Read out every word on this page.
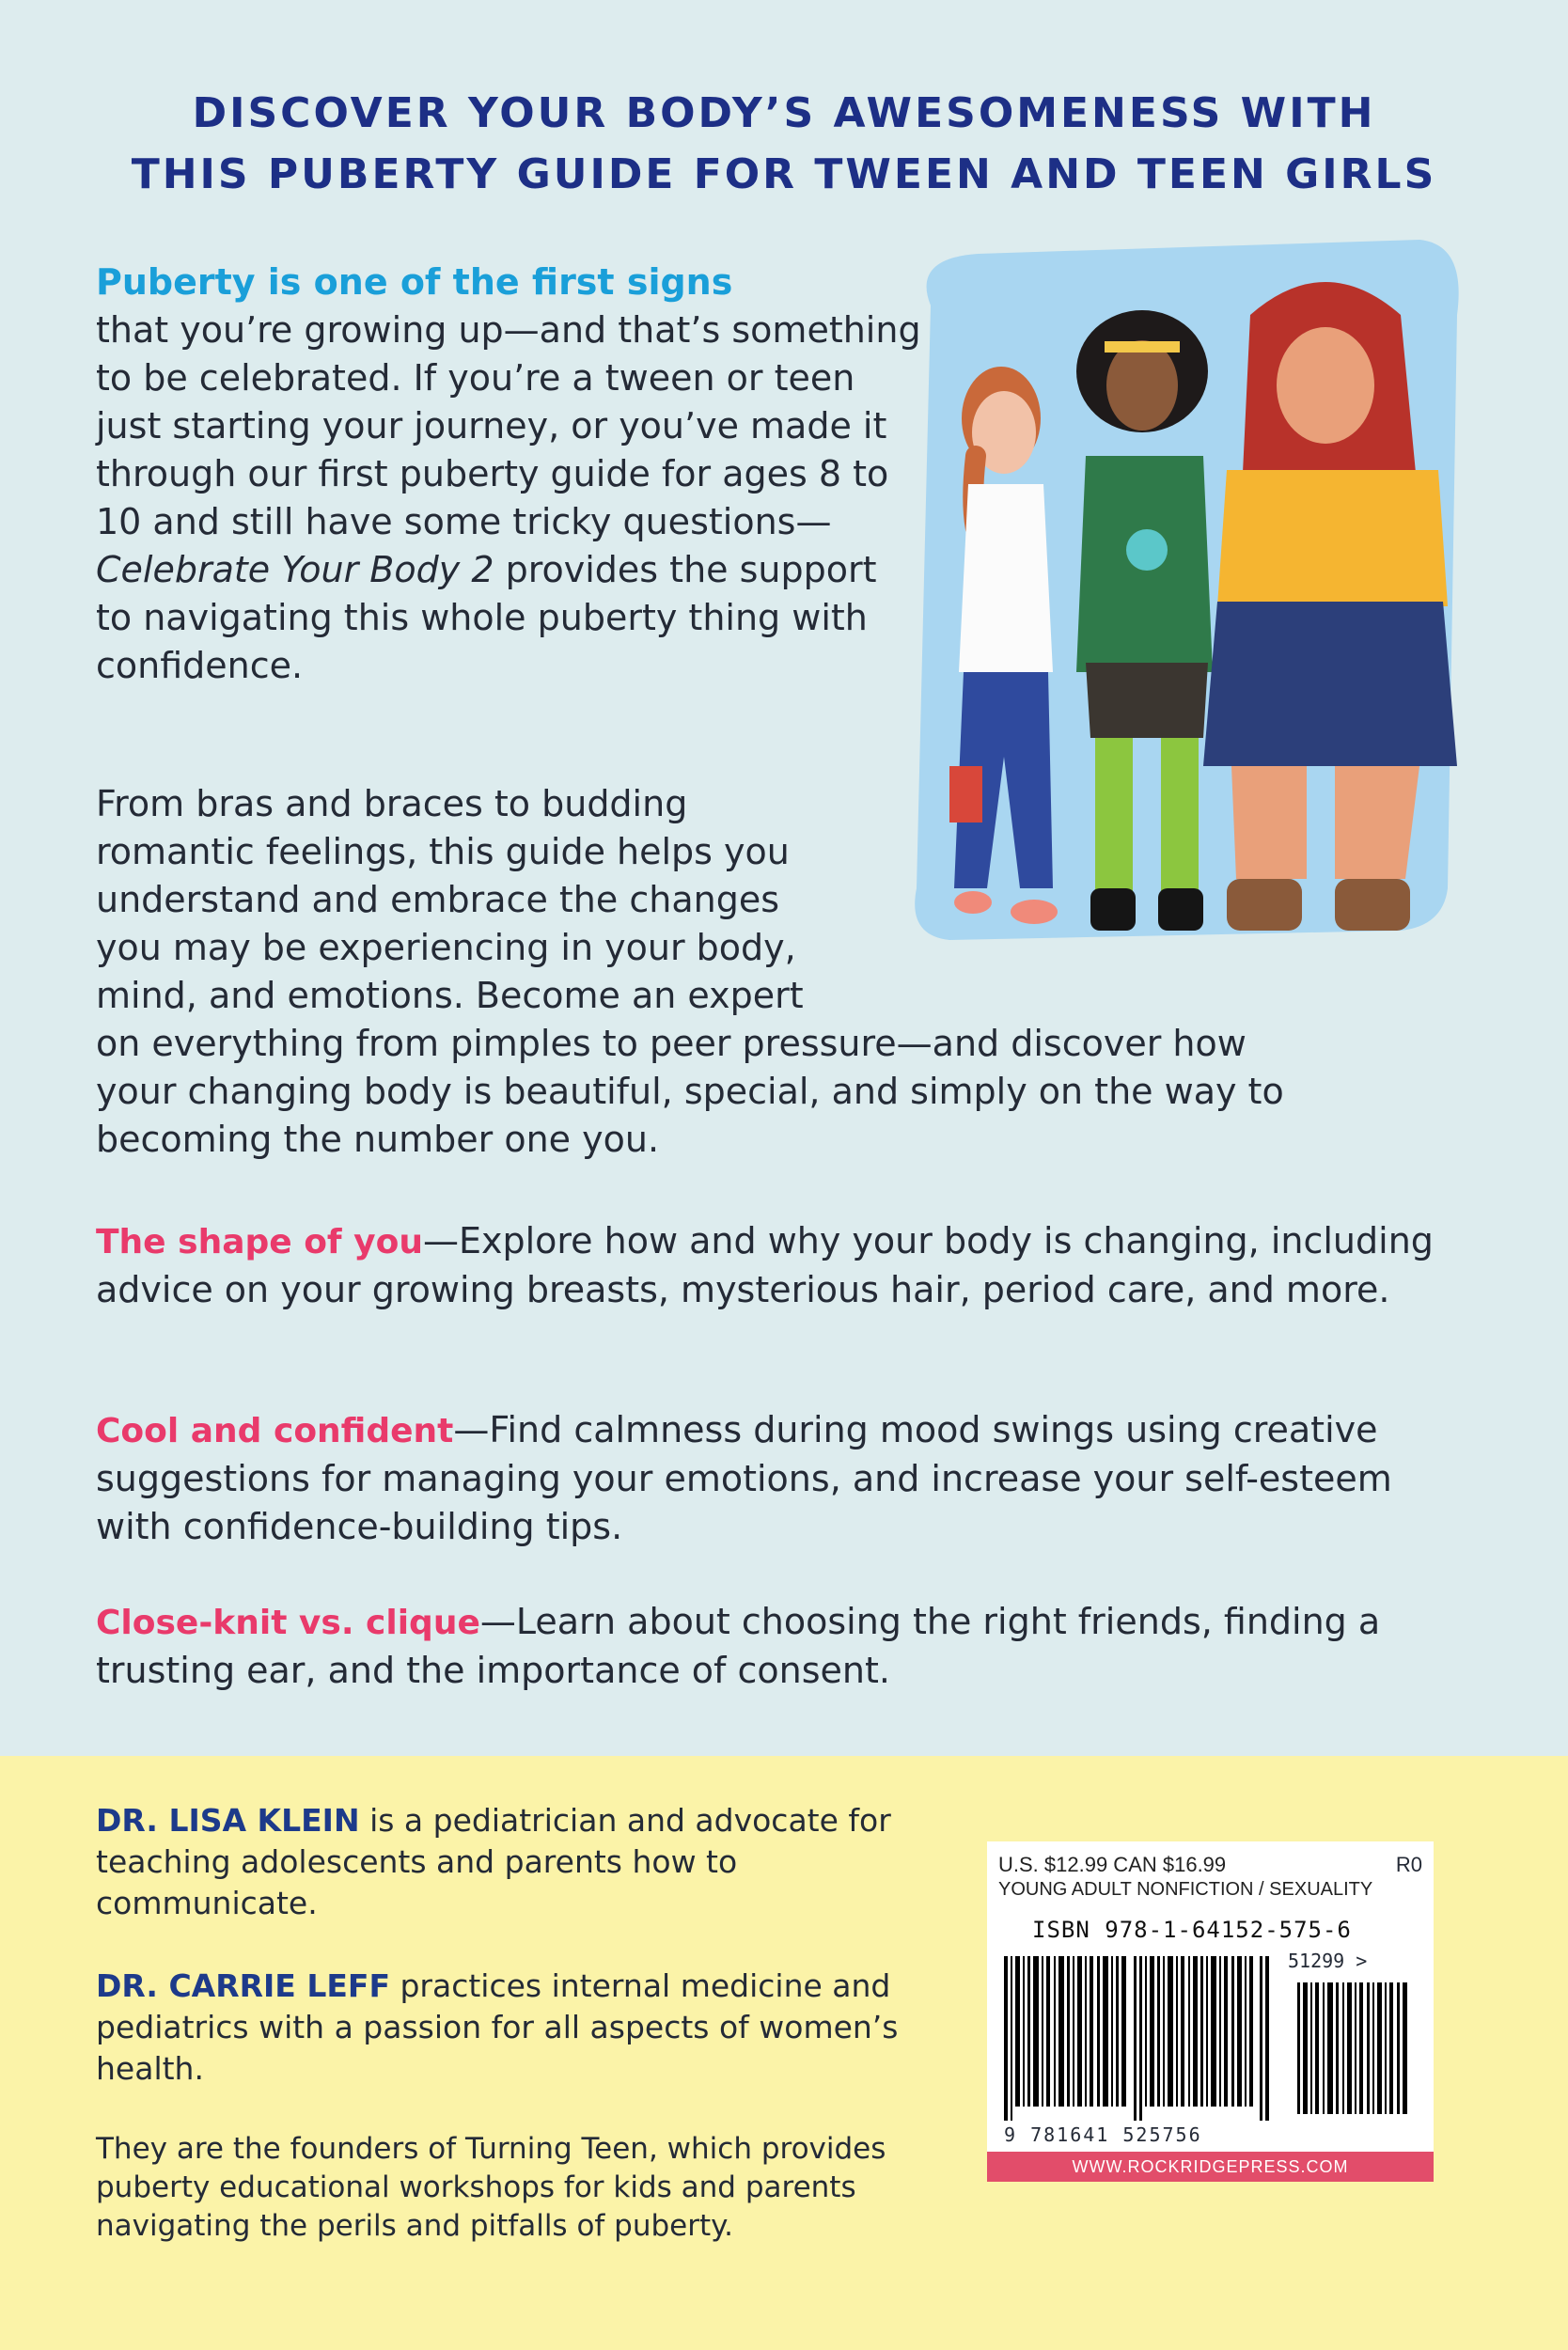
DISCOVER YOUR BODY’S AWESOMENESS WITH
THIS PUBERTY GUIDE FOR TWEEN AND TEEN GIRLS
Puberty is one of the first signs
that you’re growing up—and that’s something to be celebrated. If you’re a tween or teen just starting your journey, or you’ve made it through our first puberty guide for ages 8 to 10 and still have some tricky questions— Celebrate Your Body 2 provides the support to navigating this whole puberty thing with confidence.
From bras and braces to budding
romantic feelings, this guide helps you
understand and embrace the changes
you may be experiencing in your body,
mind, and emotions. Become an expert
on everything from pimples to peer pressure—and discover how
your changing body is beautiful, special, and simply on the way to
becoming the number one you.
The shape of you—Explore how and why your body is changing, including advice on your growing breasts, mysterious hair, period care, and more.
Cool and confident—Find calmness during mood swings using creative suggestions for managing your emotions, and increase your self-esteem with confidence-building tips.
Close-knit vs. clique—Learn about choosing the right friends, finding a trusting ear, and the importance of consent.
DR. LISA KLEIN is a pediatrician and advocate for teaching adolescents and parents how to communicate.
DR. CARRIE LEFF practices internal medicine and pediatrics with a passion for all aspects of women’s health.
They are the founders of Turning Teen, which provides puberty educational workshops for kids and parents navigating the perils and pitfalls of puberty.
U.S. $12.99 CAN $16.99	R0
YOUNG ADULT NONFICTION / SEXUALITY
ISBN 978-1-64152-575-6
51299 >
9 781641 525756
WWW.ROCKRIDGEPRESS.COM
